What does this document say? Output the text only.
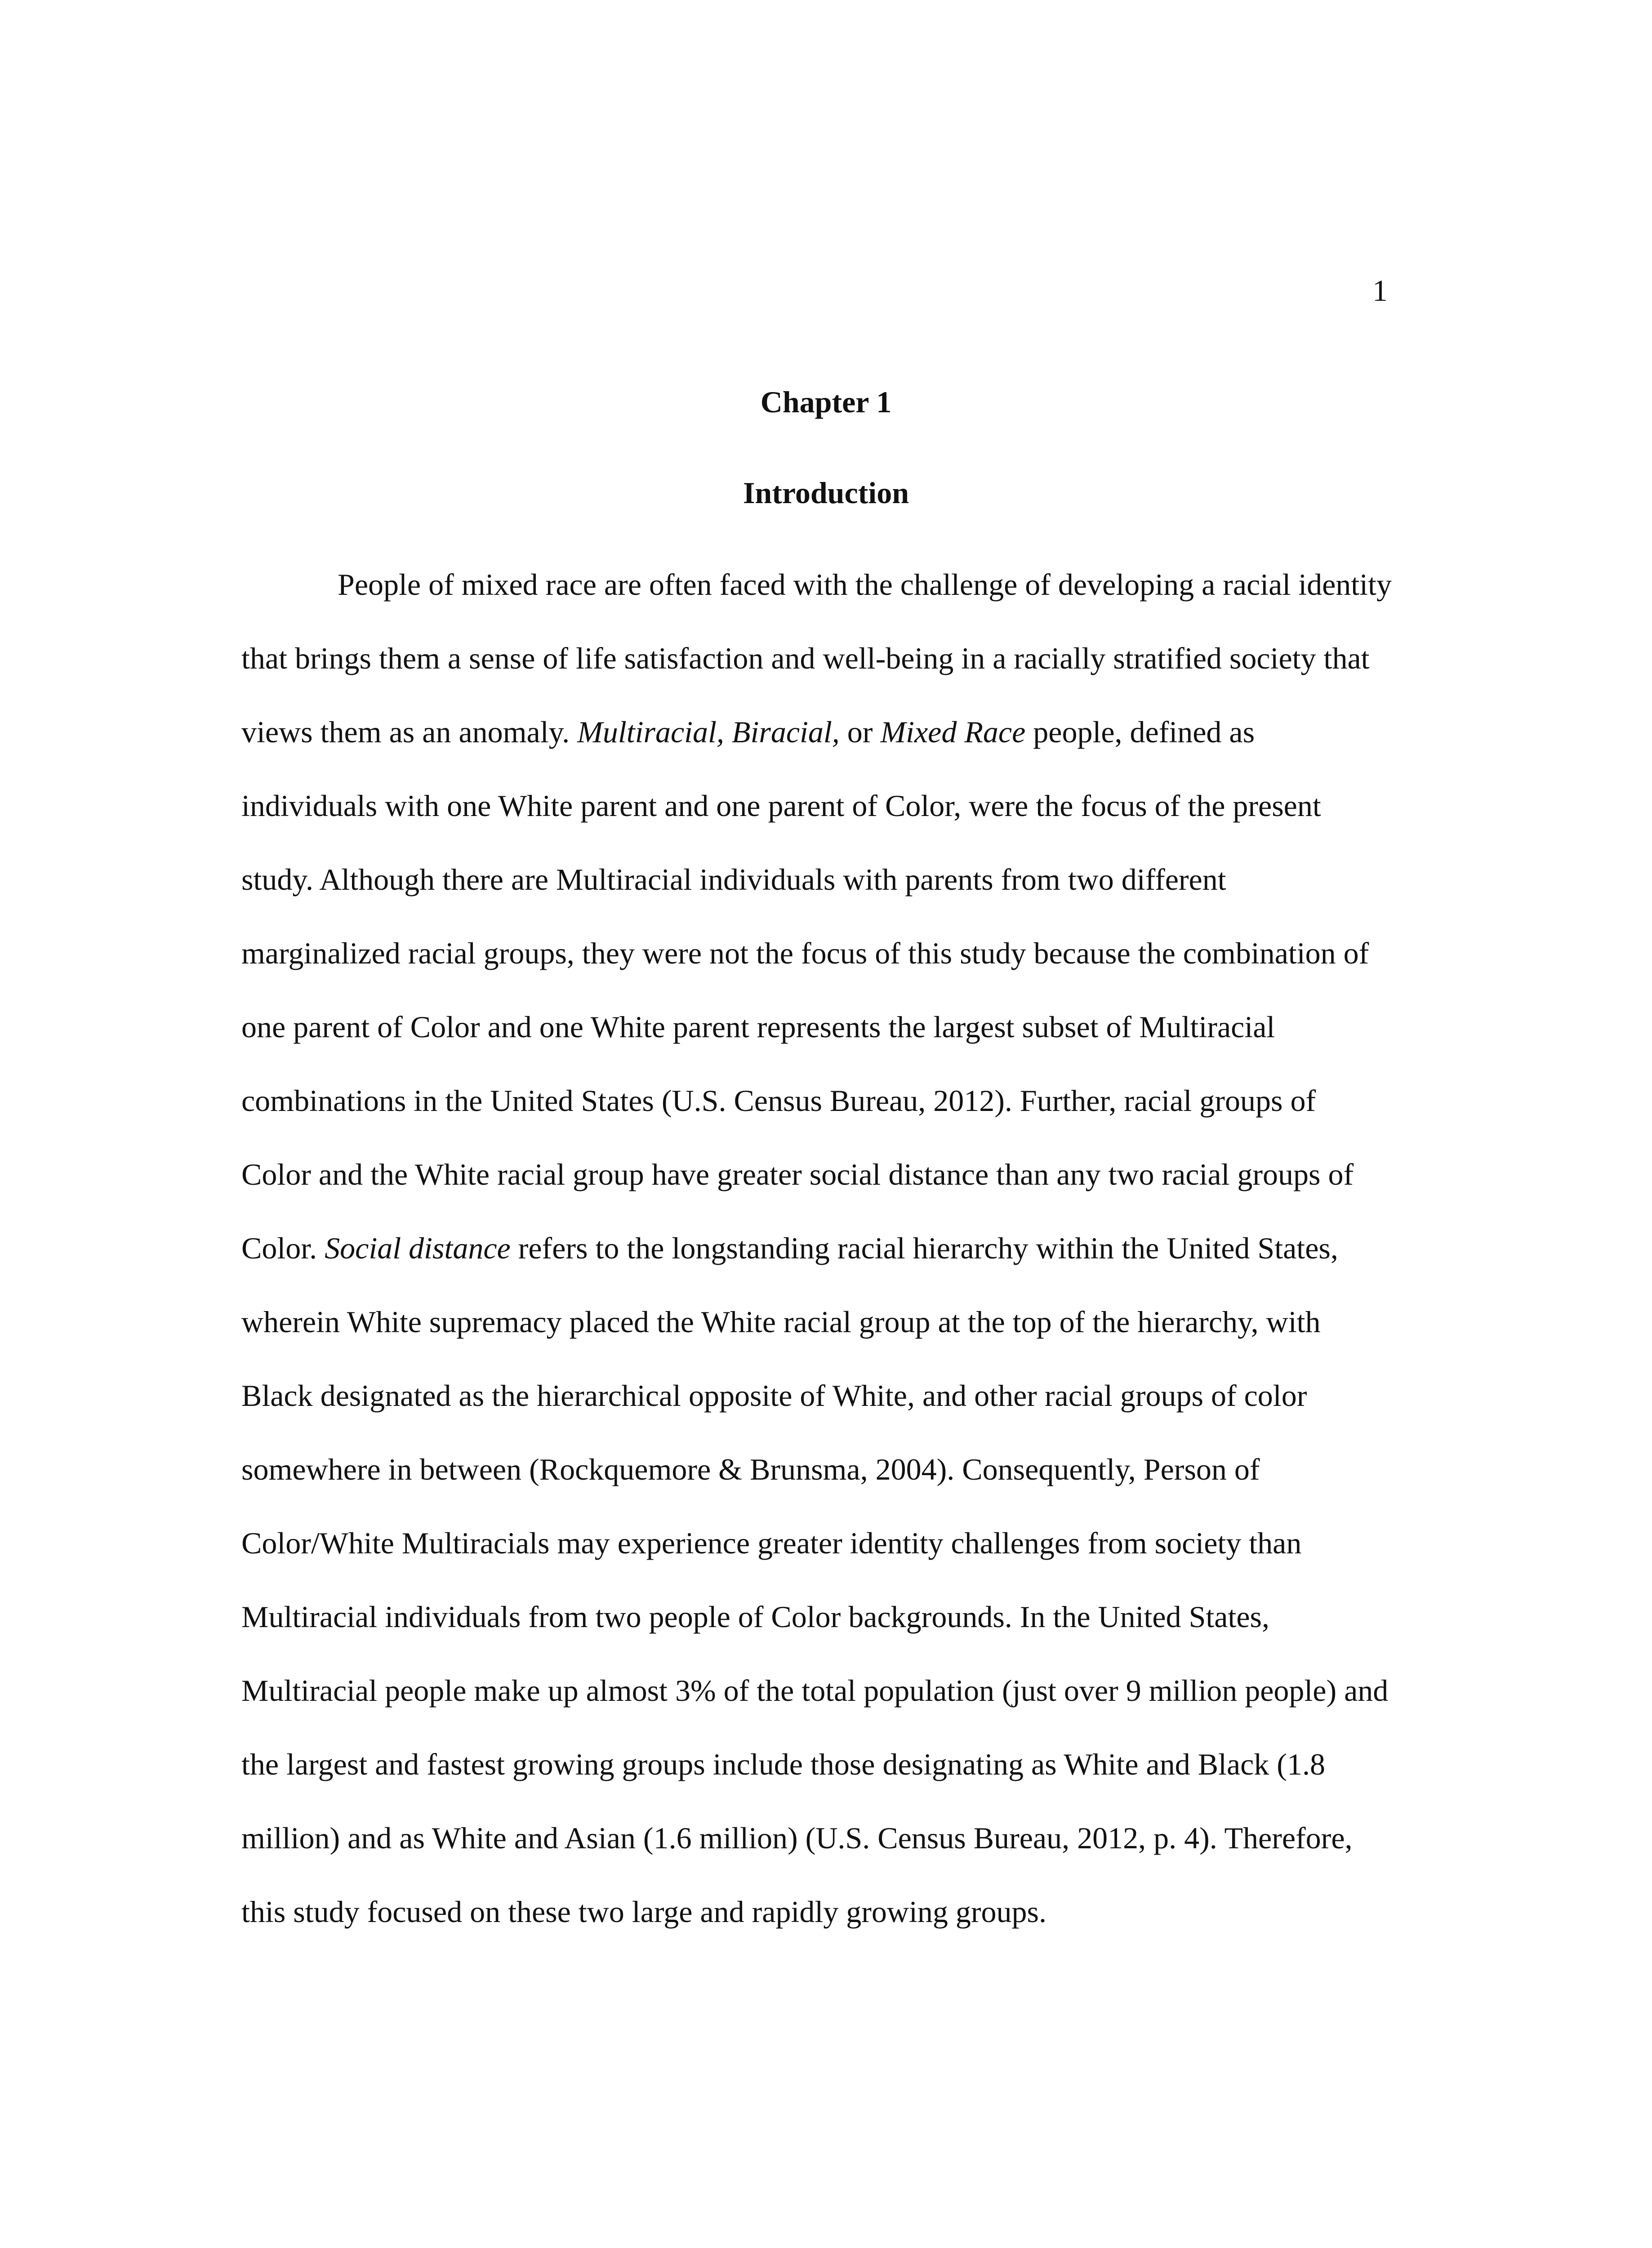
1
Chapter 1
Introduction

People of mixed race are often faced with the challenge of developing a racial identity that brings them a sense of life satisfaction and well-being in a racially stratified society that views them as an anomaly. Multiracial, Biracial, or Mixed Race people, defined as individuals with one White parent and one parent of Color, were the focus of the present study. Although there are Multiracial individuals with parents from two different marginalized racial groups, they were not the focus of this study because the combination of one parent of Color and one White parent represents the largest subset of Multiracial combinations in the United States (U.S. Census Bureau, 2012). Further, racial groups of Color and the White racial group have greater social distance than any two racial groups of Color. Social distance refers to the longstanding racial hierarchy within the United States, wherein White supremacy placed the White racial group at the top of the hierarchy, with Black designated as the hierarchical opposite of White, and other racial groups of color somewhere in between (Rockquemore & Brunsma, 2004). Consequently, Person of Color/White Multiracials may experience greater identity challenges from society than Multiracial individuals from two people of Color backgrounds. In the United States, Multiracial people make up almost 3% of the total population (just over 9 million people) and the largest and fastest growing groups include those designating as White and Black (1.8 million) and as White and Asian (1.6 million) (U.S. Census Bureau, 2012, p. 4). Therefore, this study focused on these two large and rapidly growing groups.
